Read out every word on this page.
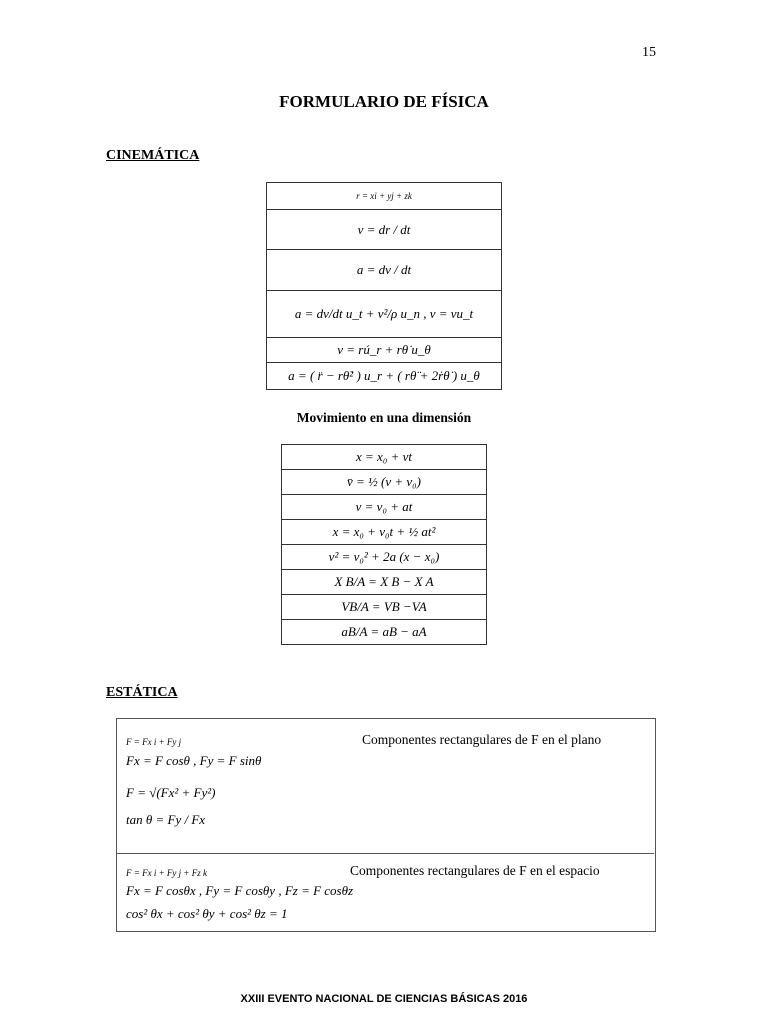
15
FORMULARIO DE FÍSICA
CINEMÁTICA
r = xi + yj + zk
v = dr / dt
a = dv / dt
a = dv/dt u_t + v²/ρ u_n , v = vu_t
v = rú_r + rθ̇ u_θ
a = ( r̈ − rθ̇² ) u_r + ( rθ̈ + 2ṙθ̇ ) u_θ
Movimiento en una dimensión
x = x₀ + vt
v̄ = ½ (v + v₀)
v = v₀ + at
x = x₀ + v₀t + ½ at²
v² = v₀² + 2a (x − x₀)
X B/A = X B − X A
VB/A = VB −VA
aB/A = aB − aA
ESTÁTICA
F = Fx i + Fy j	Componentes rectangulares de F en el plano
Fx = F cosθ , Fy = F sinθ
F = √(Fx² + Fy²)
tan θ = Fy / Fx
F = Fx i + Fy j + Fz k	Componentes rectangulares de F en el espacio
Fx = F cosθx , Fy = F cosθy , Fz = F cosθz
cos² θx + cos² θy + cos² θz = 1
XXIII EVENTO NACIONAL DE CIENCIAS BÁSICAS 2016
